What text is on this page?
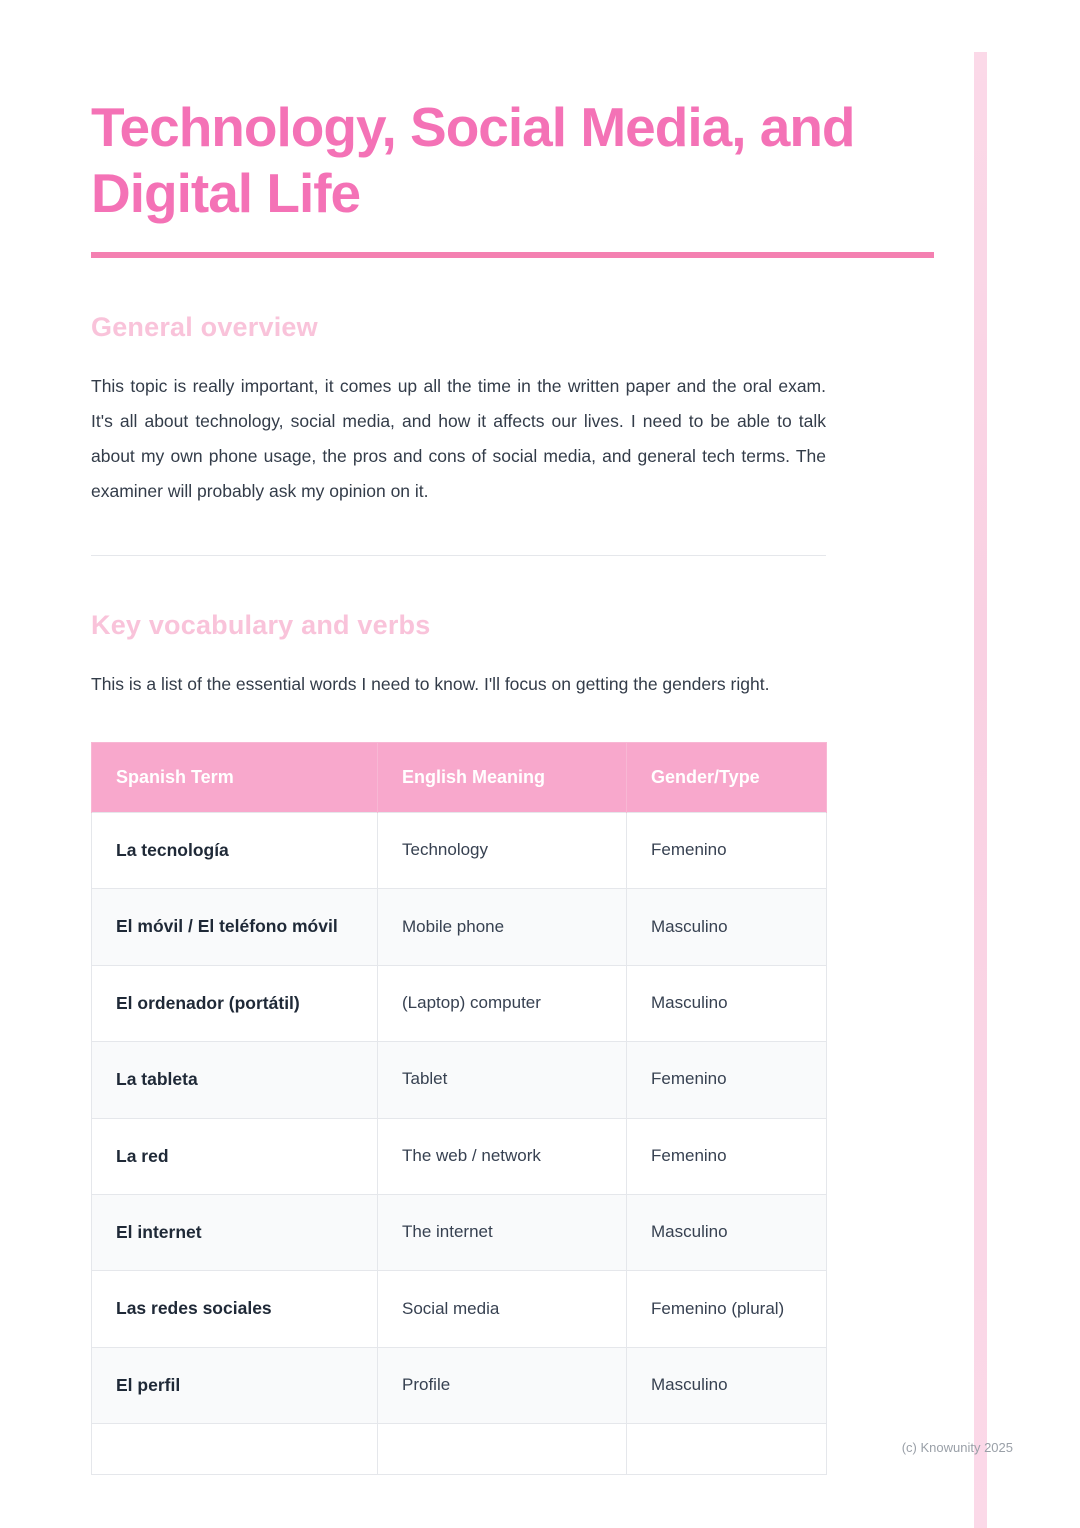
Technology, Social Media, and Digital Life
General overview

This topic is really important, it comes up all the time in the written paper and the oral exam. It's all about technology, social media, and how it affects our lives. I need to be able to talk about my own phone usage, the pros and cons of social media, and general tech terms. The examiner will probably ask my opinion on it.

Key vocabulary and verbs

This is a list of the essential words I need to know. I'll focus on getting the genders right.

Spanish Term	English Meaning	Gender/Type
La tecnología	Technology	Femenino
El móvil / El teléfono móvil	Mobile phone	Masculino
El ordenador (portátil)	(Laptop) computer	Masculino
La tableta	Tablet	Femenino
La red	The web / network	Femenino
El internet	The internet	Masculino
Las redes sociales	Social media	Femenino (plural)
El perfil	Profile	Masculino

(c) Knowunity 2025
